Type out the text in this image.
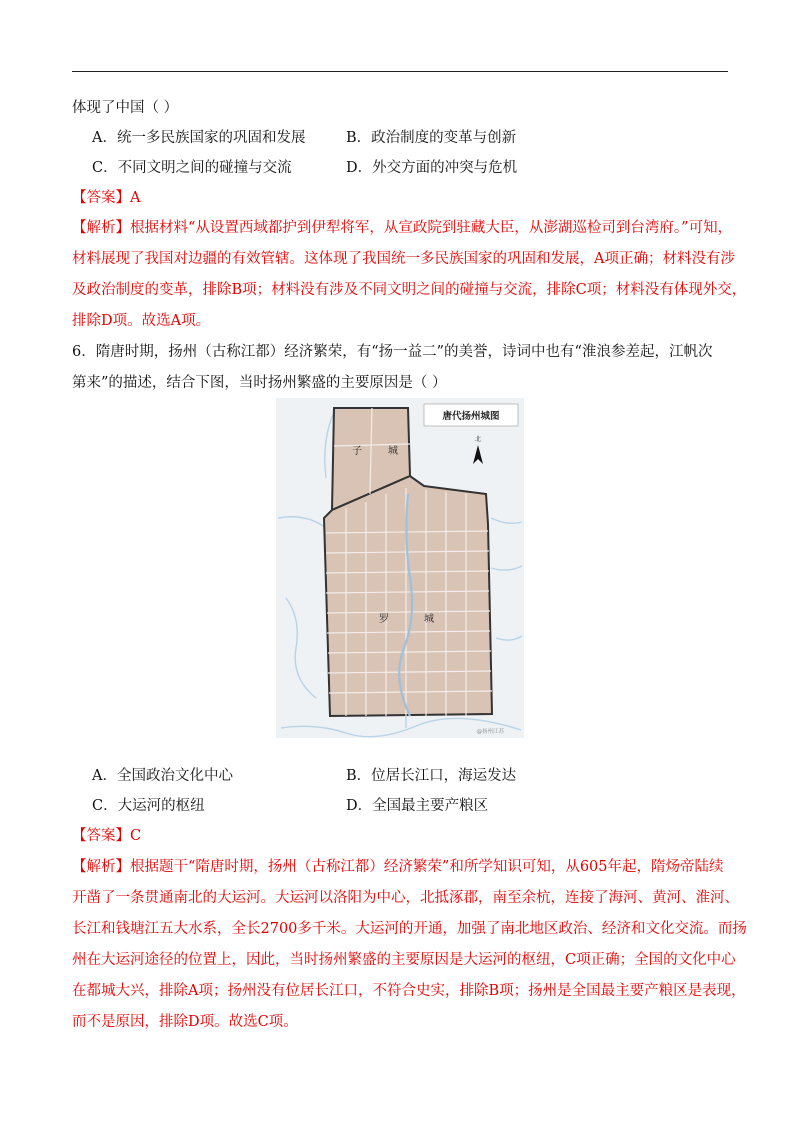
体现了中国（ ）
A．统一多民族国家的巩固和发展	B．政治制度的变革与创新
C．不同文明之间的碰撞与交流	D．外交方面的冲突与危机
【答案】A
【解析】根据材料“从设置西域都护到伊犁将军，从宣政院到驻藏大臣，从澎湖巡检司到台湾府。”可知，
材料展现了我国对边疆的有效管辖。这体现了我国统一多民族国家的巩固和发展，A项正确；材料没有涉
及政治制度的变革，排除B项；材料没有涉及不同文明之间的碰撞与交流，排除C项；材料没有体现外交，
排除D项。故选A项。
6．隋唐时期，扬州（古称江都）经济繁荣，有“扬一益二”的美誉，诗词中也有“淮浪参差起，江帆次
第来”的描述，结合下图，当时扬州繁盛的主要原因是（ ）
唐代扬州城图
北
子	城
罗	城
@扬州江苏
A．全国政治文化中心	B．位居长江口，海运发达
C．大运河的枢纽	D．全国最主要产粮区
【答案】C
【解析】根据题干“隋唐时期，扬州（古称江都）经济繁荣”和所学知识可知，从605年起，隋炀帝陆续
开凿了一条贯通南北的大运河。大运河以洛阳为中心，北抵涿郡，南至余杭，连接了海河、黄河、淮河、
长江和钱塘江五大水系，全长2700多千米。大运河的开通，加强了南北地区政治、经济和文化交流。而扬
州在大运河途径的位置上，因此，当时扬州繁盛的主要原因是大运河的枢纽，C项正确；全国的文化中心
在都城大兴，排除A项；扬州没有位居长江口，不符合史实，排除B项；扬州是全国最主要产粮区是表现，
而不是原因，排除D项。故选C项。
